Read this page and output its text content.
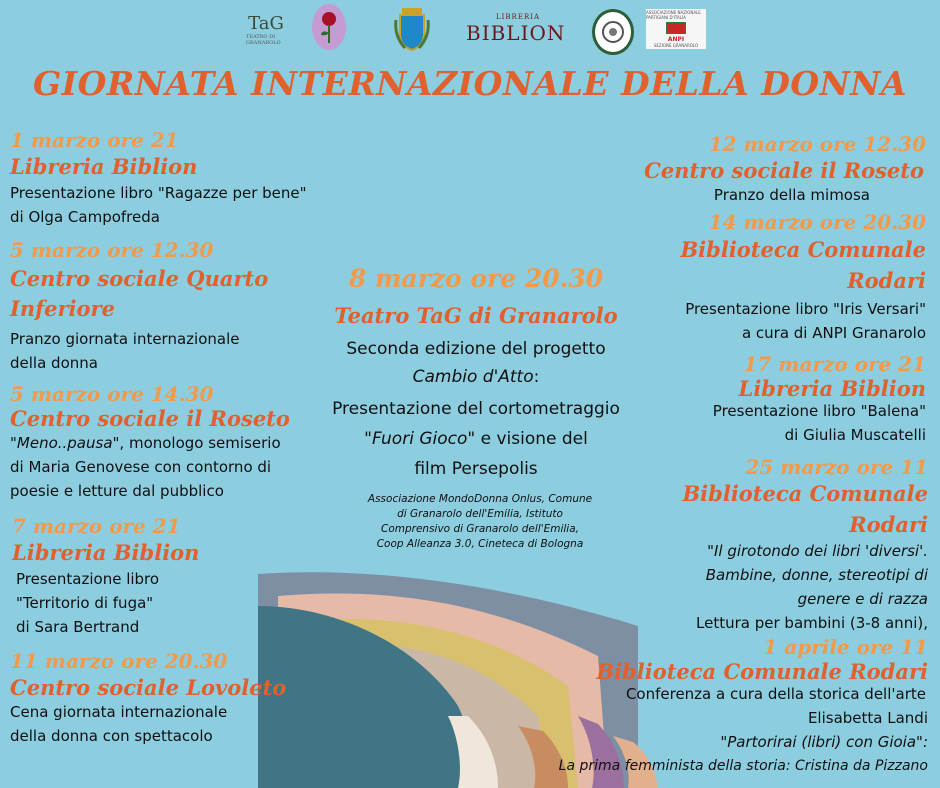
TaG
TEATRO DI GRANAROLO
LIBRERIA
BIBLION
ASSOCIAZIONE NAZIONALE PARTIGIANI D'ITALIA
ANPI
SEZIONE GRANAROLO
GIORNATA INTERNAZIONALE DELLA DONNA
1 marzo ore 21
Libreria Biblion
Presentazione libro "Ragazze per bene"
di Olga Campofreda
5 marzo ore 12.30
Centro sociale Quarto
Inferiore
Pranzo giornata internazionale
della donna
5 marzo ore 14.30
Centro sociale il Roseto
"Meno..pausa", monologo semiserio
di Maria Genovese con contorno di
poesie e letture dal pubblico
7 marzo ore 21
Libreria Biblion
Presentazione libro
"Territorio di fuga"
di Sara Bertrand
11 marzo ore 20.30
Centro sociale Lovoleto
Cena giornata internazionale
della donna con spettacolo
8 marzo ore 20.30
Teatro TaG di Granarolo
Seconda edizione del progetto
Cambio d'Atto:
Presentazione del cortometraggio
"Fuori Gioco" e visione del
film Persepolis
Associazione MondoDonna Onlus, Comune
di Granarolo dell'Emilia, Istituto
Comprensivo di Granarolo dell'Emilia,
Coop Alleanza 3.0, Cineteca di Bologna
12 marzo ore 12.30
Centro sociale il Roseto
Pranzo della mimosa
14 marzo ore 20.30
Biblioteca Comunale
Rodari
Presentazione libro "Iris Versari"
a cura di ANPI Granarolo
17 marzo ore 21
Libreria Biblion
Presentazione libro "Balena"
di Giulia Muscatelli
25 marzo ore 11
Biblioteca Comunale
Rodari
"Il girotondo dei libri 'diversi'.
Bambine, donne, stereotipi di
genere e di razza
Lettura per bambini (3-8 anni),
1 aprile ore 11
Biblioteca Comunale Rodari
Conferenza a cura della storica dell'arte
Elisabetta Landi
"Partorirai (libri) con Gioia":
La prima femminista della storia: Cristina da Pizzano
